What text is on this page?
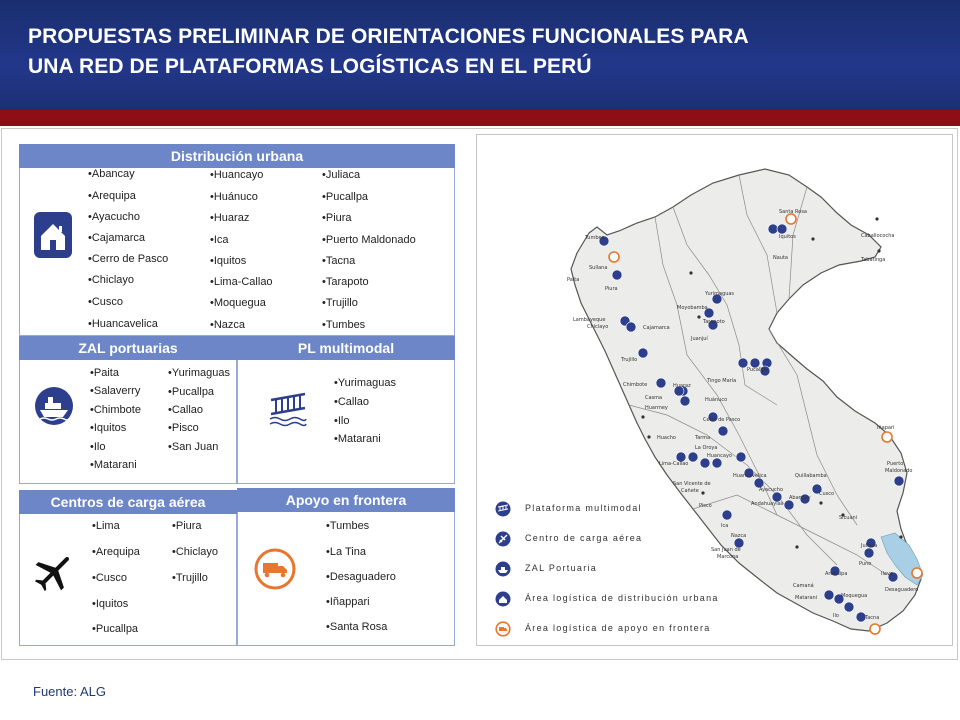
PROPUESTAS PRELIMINAR DE ORIENTACIONES FUNCIONALES PARA
UNA RED DE PLATAFORMAS LOGÍSTICAS EN EL PERÚ
Distribución urbana
• Abancay
• Arequipa
• Ayacucho
• Cajamarca
• Cerro de Pasco
• Chiclayo
• Cusco
• Huancavelica
• Huancayo
• Huánuco
• Huaraz
• Ica
• Iquitos
• Lima-Callao
• Moquegua
• Nazca
• Juliaca
• Pucallpa
• Piura
• Puerto Maldonado
• Tacna
• Tarapoto
• Trujillo
• Tumbes
ZAL portuarias	PL multimodal
• Paita
• Salaverry
• Chimbote
• Iquitos
• Ilo
• Matarani
• Yurimaguas
• Pucallpa
• Callao
• Pisco
• San Juan
• Yurimaguas
• Callao
• Ilo
• Matarani
Centros de carga aérea	Apoyo en frontera
• Lima
• Arequipa
• Cusco
• Iquitos
• Pucallpa
• Piura
• Chiclayo
• Trujillo
• Tumbes
• La Tina
• Desaguadero
• Iñappari
• Santa Rosa
Tumbes
Sullana
Paita
Piura
Lambayeque
Chiclayo	Cajamarca
Moyobamba
Yurimaguas
Tarapoto
Juanjuí
Trujillo
Chimbote	Huaraz
Casma
Huarmey
Tingo María
Huánuco
Cerro de Pasco
Huacho
Lima-Callao
Tarma
La Oroya
Huancayo
San Vicente de
Cañete
Pisco
Ica
Huancavelica
Ayacucho
Andahuaylas
Abancay
Quillabamba
Cusco
Sicuani
Juliaca
Puno
Ilave
Desaguadero
Nazca
San Juan de
Marcona
Arequipa
Camaná
Matarani	Moquegua
Ilo	Tacna
Iquitos
Nauta
Santa Rosa
Caballococha
Tabatinga
Pucallpa
Iñapari
Puerto
Maldonado
Plataforma multimodal
Centro de carga aérea
ZAL Portuaria
Área logística de distribución urbana
Área logística de apoyo en frontera
Fuente: ALG
